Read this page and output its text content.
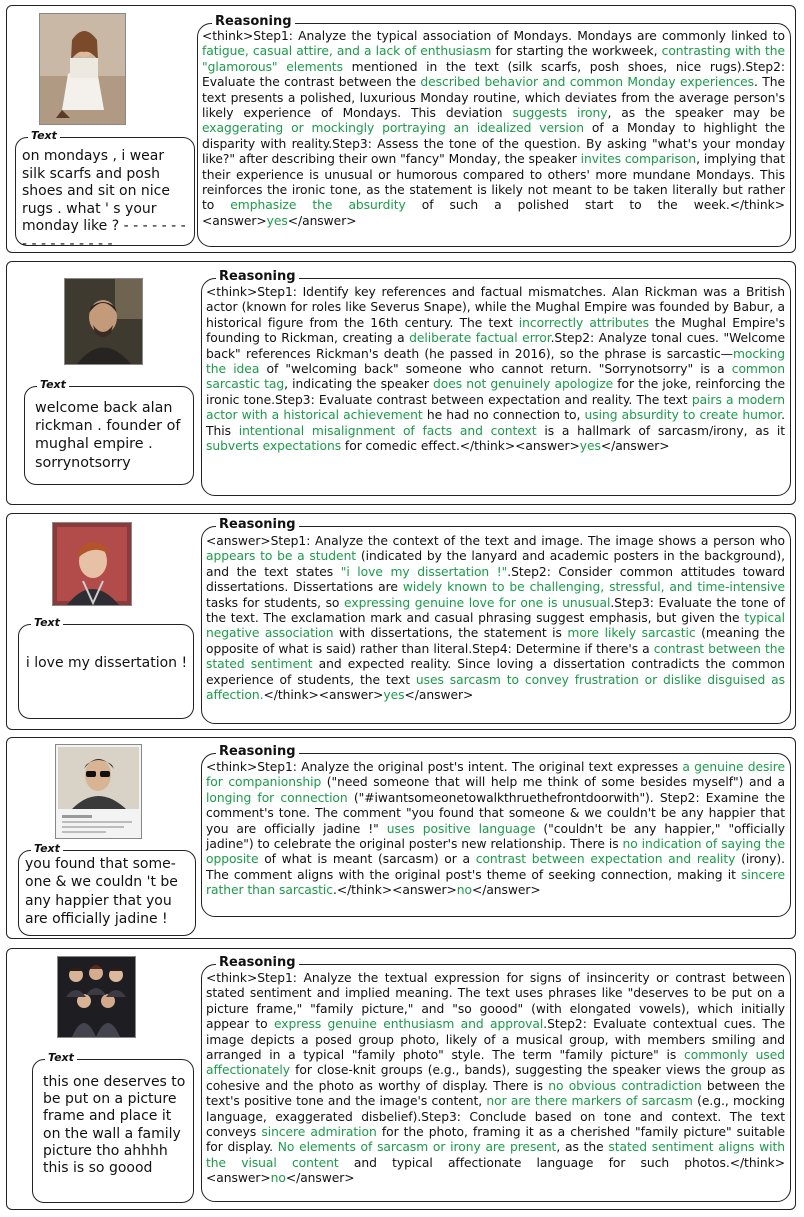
Text
on mondays , i wear silk scarfs and posh shoes and sit on nice rugs . what ' s your monday like ? - - - - - - - - - - - - - - - - -
Reasoning
<think>Step1: Analyze the typical association of Mondays. Mondays are commonly linked to fatigue, casual attire, and a lack of enthusiasm for starting the workweek, contrasting with the "glamorous" elements mentioned in the text (silk scarfs, posh shoes, nice rugs).Step2: Evaluate the contrast between the described behavior and common Monday experiences. The text presents a polished, luxurious Monday routine, which deviates from the average person's likely experience of Mondays. This deviation suggests irony, as the speaker may be exaggerating or mockingly portraying an idealized version of a Monday to highlight the disparity with reality.Step3: Assess the tone of the question. By asking "what's your monday like?" after describing their own "fancy" Monday, the speaker invites comparison, implying that their experience is unusual or humorous compared to others' more mundane Mondays. This reinforces the ironic tone, as the statement is likely not meant to be taken literally but rather to emphasize the absurdity of such a polished start to the week.</think><answer>yes</answer>
Text
welcome back alan rickman . founder of mughal empire . sorrynotsorry
Reasoning
<think>Step1: Identify key references and factual mismatches. Alan Rickman was a British actor (known for roles like Severus Snape), while the Mughal Empire was founded by Babur, a historical figure from the 16th century. The text incorrectly attributes the Mughal Empire's founding to Rickman, creating a deliberate factual error.Step2: Analyze tonal cues. "Welcome back" references Rickman's death (he passed in 2016), so the phrase is sarcastic—mocking the idea of "welcoming back" someone who cannot return. "Sorrynotsorry" is a common sarcastic tag, indicating the speaker does not genuinely apologize for the joke, reinforcing the ironic tone.Step3: Evaluate contrast between expectation and reality. The text pairs a modern actor with a historical achievement he had no connection to, using absurdity to create humor. This intentional misalignment of facts and context is a hallmark of sarcasm/irony, as it subverts expectations for comedic effect.</think><answer>yes</answer>
Text
i love my dissertation !
Reasoning
<answer>Step1: Analyze the context of the text and image. The image shows a person who appears to be a student (indicated by the lanyard and academic posters in the background), and the text states "i love my dissertation !".Step2: Consider common attitudes toward dissertations. Dissertations are widely known to be challenging, stressful, and time-intensive tasks for students, so expressing genuine love for one is unusual.Step3: Evaluate the tone of the text. The exclamation mark and casual phrasing suggest emphasis, but given the typical negative association with dissertations, the statement is more likely sarcastic (meaning the opposite of what is said) rather than literal.Step4: Determine if there's a contrast between the stated sentiment and expected reality. Since loving a dissertation contradicts the common experience of students, the text uses sarcasm to convey frustration or dislike disguised as affection.</think><answer>yes</answer>
Text
you found that some-one & we couldn 't be any happier that you are officially jadine !
Reasoning
<think>Step1: Analyze the original post's intent. The original text expresses a genuine desire for companionship ("need someone that will help me think of some besides myself") and a longing for connection ("#iwantsomeonetowalkthruethefrontdoorwith"). Step2: Examine the comment's tone. The comment "you found that someone & we couldn't be any happier that you are officially jadine !" uses positive language ("couldn't be any happier," "officially jadine") to celebrate the original poster's new relationship. There is no indication of saying the opposite of what is meant (sarcasm) or a contrast between expectation and reality (irony). The comment aligns with the original post's theme of seeking connection, making it sincere rather than sarcastic.</think><answer>no</answer>
Text
this one deserves to be put on a picture frame and place it on the wall a family picture tho ahhhh this is so goood
Reasoning
<think>Step1: Analyze the textual expression for signs of insincerity or contrast between stated sentiment and implied meaning. The text uses phrases like "deserves to be put on a picture frame," "family picture," and "so goood" (with elongated vowels), which initially appear to express genuine enthusiasm and approval.Step2: Evaluate contextual cues. The image depicts a posed group photo, likely of a musical group, with members smiling and arranged in a typical "family photo" style. The term "family picture" is commonly used affectionately for close-knit groups (e.g., bands), suggesting the speaker views the group as cohesive and the photo as worthy of display. There is no obvious contradiction between the text's positive tone and the image's content, nor are there markers of sarcasm (e.g., mocking language, exaggerated disbelief).Step3: Conclude based on tone and context. The text conveys sincere admiration for the photo, framing it as a cherished "family picture" suitable for display. No elements of sarcasm or irony are present, as the stated sentiment aligns with the visual content and typical affectionate language for such photos.</think> <answer>no</answer>
